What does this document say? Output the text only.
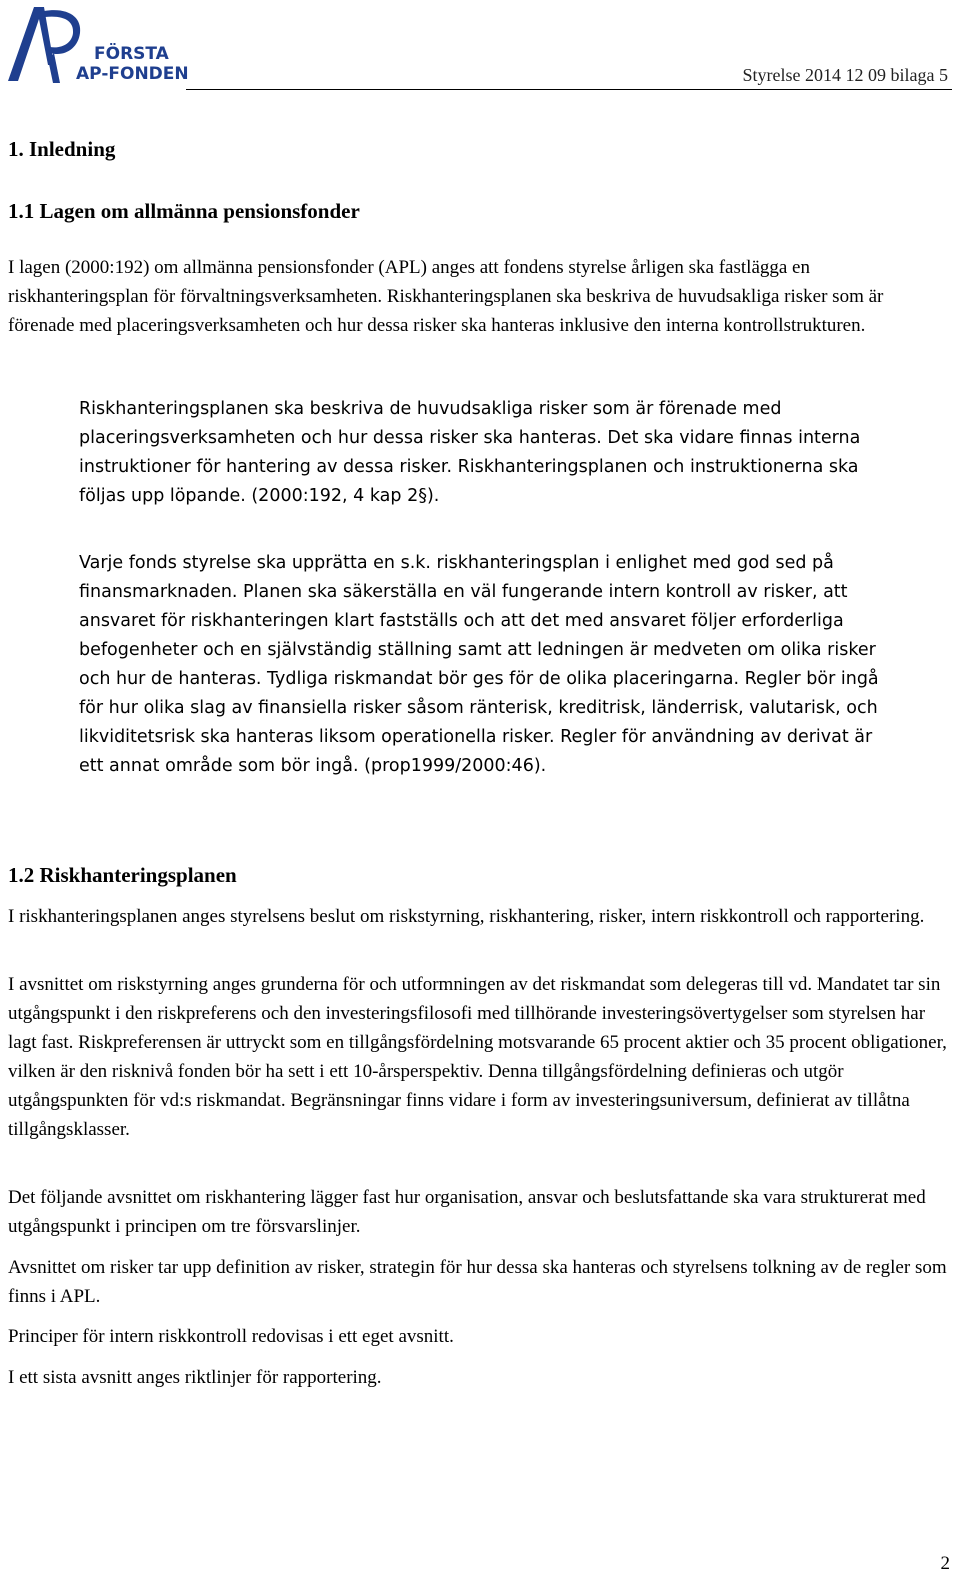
FÖRSTA
AP-FONDEN	Styrelse 2014 12 09 bilaga 5
1. Inledning
1.1 Lagen om allmänna pensionsfonder

I lagen (2000:192) om allmänna pensionsfonder (APL) anges att fondens styrelse årligen ska fastlägga en riskhanteringsplan för förvaltningsverksamheten. Riskhanteringsplanen ska beskriva de huvudsakliga risker som är förenade med placeringsverksamheten och hur dessa risker ska hanteras inklusive den interna kontrollstrukturen.

Riskhanteringsplanen ska beskriva de huvudsakliga risker som är förenade med placeringsverksamheten och hur dessa risker ska hanteras. Det ska vidare finnas interna instruktioner för hantering av dessa risker. Riskhanteringsplanen och instruktionerna ska följas upp löpande. (2000:192, 4 kap 2§).

Varje fonds styrelse ska upprätta en s.k. riskhanteringsplan i enlighet med god sed på finansmarknaden. Planen ska säkerställa en väl fungerande intern kontroll av risker, att ansvaret för riskhanteringen klart fastställs och att det med ansvaret följer erforderliga befogenheter och en självständig ställning samt att ledningen är medveten om olika risker och hur de hanteras. Tydliga riskmandat bör ges för de olika placeringarna. Regler bör ingå för hur olika slag av finansiella risker såsom ränterisk, kreditrisk, länderrisk, valutarisk, och likviditetsrisk ska hanteras liksom operationella risker. Regler för användning av derivat är ett annat område som bör ingå. (prop1999/2000:46).

1.2 Riskhanteringsplanen

I riskhanteringsplanen anges styrelsens beslut om riskstyrning, riskhantering, risker, intern riskkontroll och rapportering.

I avsnittet om riskstyrning anges grunderna för och utformningen av det riskmandat som delegeras till vd. Mandatet tar sin utgångspunkt i den riskpreferens och den investeringsfilosofi med tillhörande investeringsövertygelser som styrelsen har lagt fast. Riskpreferensen är uttryckt som en tillgångsfördelning motsvarande 65 procent aktier och 35 procent obligationer, vilken är den risknivå fonden bör ha sett i ett 10-årsperspektiv. Denna tillgångsfördelning definieras och utgör utgångspunkten för vd:s riskmandat. Begränsningar finns vidare i form av investeringsuniversum, definierat av tillåtna tillgångsklasser.

Det följande avsnittet om riskhantering lägger fast hur organisation, ansvar och beslutsfattande ska vara strukturerat med utgångspunkt i principen om tre försvarslinjer.

Avsnittet om risker tar upp definition av risker, strategin för hur dessa ska hanteras och styrelsens tolkning av de regler som finns i APL.

Principer för intern riskkontroll redovisas i ett eget avsnitt.

I ett sista avsnitt anges riktlinjer för rapportering.

2
